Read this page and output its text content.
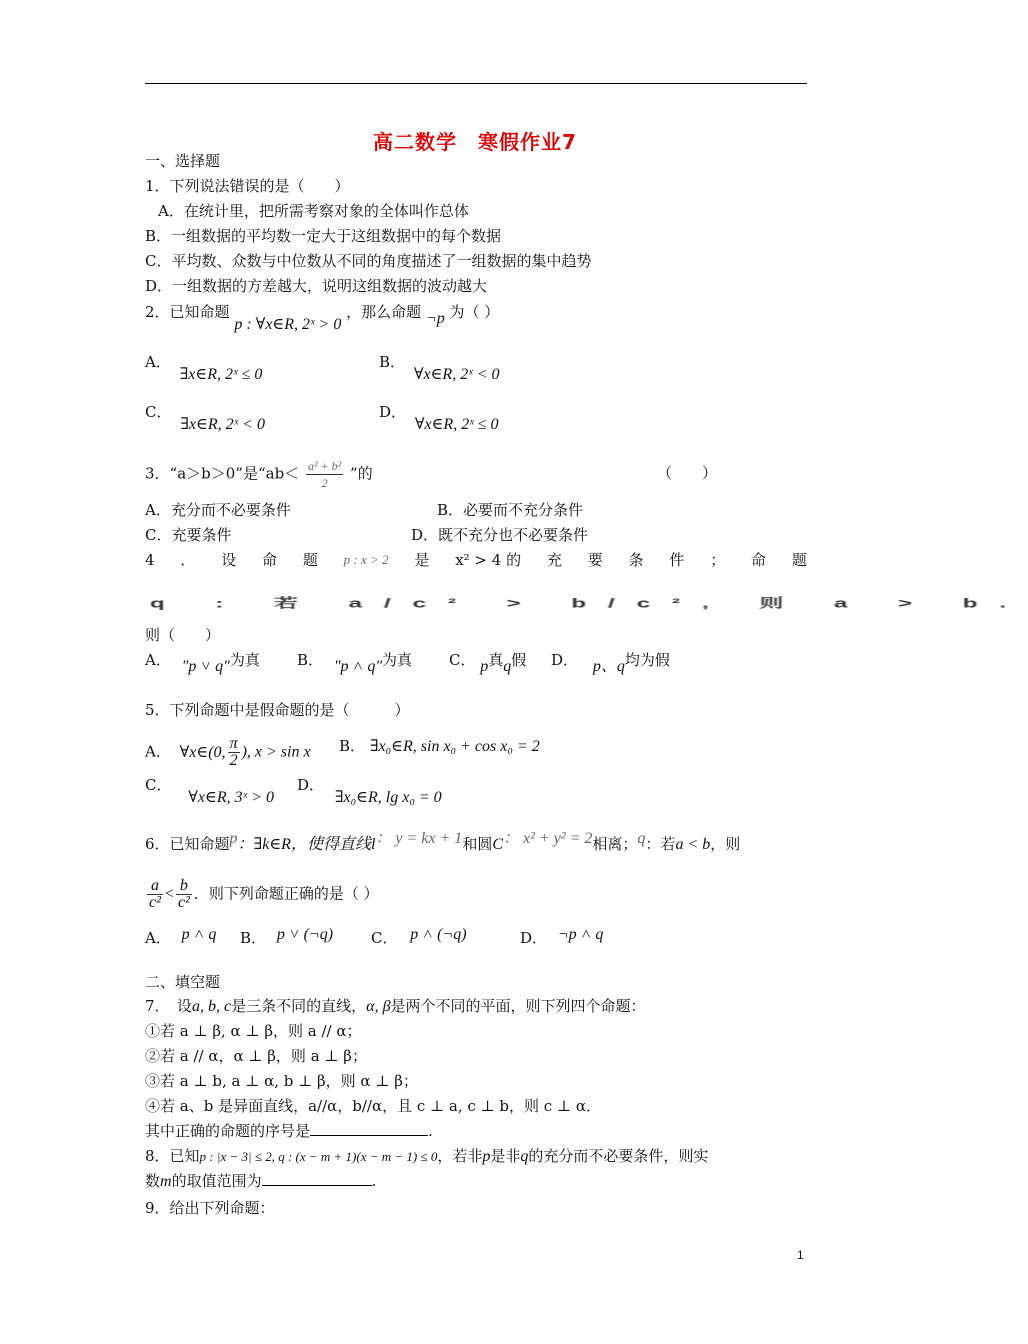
高二数学　寒假作业7
一、选择题
1．下列说法错误的是（　　）
A．在统计里，把所需考察对象的全体叫作总体
B．一组数据的平均数一定大于这组数据中的每个数据
C．平均数、众数与中位数从不同的角度描述了一组数据的集中趋势
D．一组数据的方差越大，说明这组数据的波动越大
2．已知命题 p : ∀x∈R, 2ˣ > 0 ，那么命题 ¬p 为（ ）
A． ∃x∈R, 2ˣ ≤ 0
B． ∀x∈R, 2ˣ < 0
C． ∃x∈R, 2ˣ < 0
D． ∀x∈R, 2ˣ ≤ 0
3．“a＞b＞0”是“$ab< \frac{\text{a² + b²}}{2}$ ”的	（　　）
A．充分而不必要条件	B．必要而不充分条件
C．充要条件	D．既不充分也不必要条件
4 ． 设 命 题 p : x > 2 是 x² > 4 的 充 要 条 件 ； 命 题
q : 若 a/c² > b/c², 则 a > b.
则（　　）
A． "p ˅ q"为真 B． "p ˄ q"为真 C． p真q假 D． p、q均为假
5．下列命题中是假命题的是（　　　）
A． ∀x∈(0, $\frac{\pi}{2}$ ), x > sin x B． ∃x₀∈R, sin x₀ + cos x₀ = 2
C． ∀x∈R, 3ˣ > 0
D． ∃x₀∈R, lg x₀ = 0
6．已知命题p：∃k∈R，使得直线l： y = kx + 1和圆C： x² + y² = 2相离；q：若a < b，则
$\frac{a}{\text{c²}} < \frac{b}{\text{c²}}$ ．则下列命题正确的是（ ）
A． p ˄ q B． p ˅ (¬q)	C． p ˄ (¬q)	D． ¬p ˄ q
二、填空题
7．　设a, b, c是三条不同的直线，α, β是两个不同的平面，则下列四个命题：
①若 a ⊥ β, α ⊥ β，则 a // α；
②若 a // α，α ⊥ β，则 a ⊥ β；
③若 a ⊥ b, a ⊥ α, b ⊥ β，则 α ⊥ β；
④若 a、b 是异面直线，a//α，b//α，且 c ⊥ a, c ⊥ b，则 c ⊥ α．
其中正确的命题的序号是	.
8．已知p : |x − 3| ≤ 2, q : (x − m + 1)(x − m − 1) ≤ 0，若非p是非q的充分而不必要条件，则实
数m的取值范围为	.
9．给出下列命题：
1
